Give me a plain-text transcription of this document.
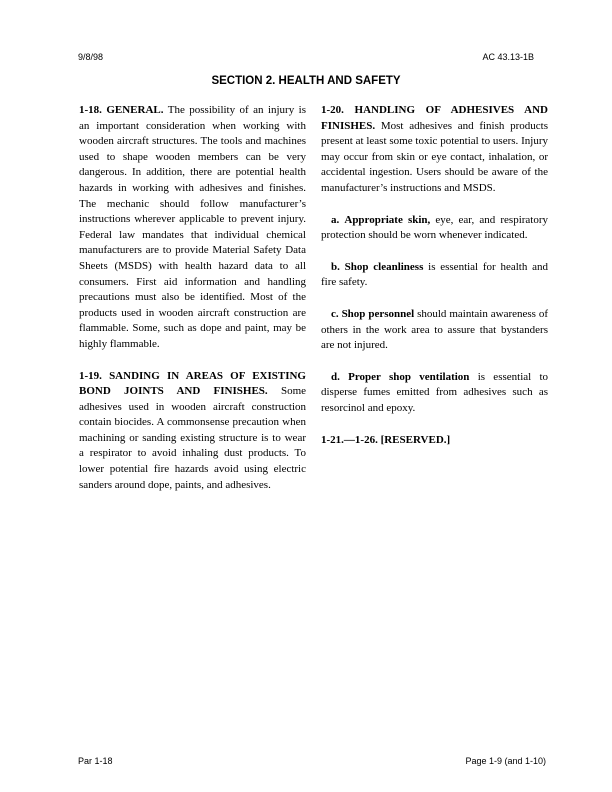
9/8/98	AC 43.13-1B
SECTION 2. HEALTH AND SAFETY

1-18. GENERAL. The possibility of an injury is an important consideration when working with wooden aircraft structures. The tools and machines used to shape wooden members can be very dangerous. In addition, there are potential health hazards in working with adhesives and finishes. The mechanic should follow manufacturer’s instructions wherever applicable to prevent injury. Federal law mandates that individual chemical manufacturers are to provide Material Safety Data Sheets (MSDS) with health hazard data to all consumers. First aid information and handling precautions must also be identified. Most of the products used in wooden aircraft construction are flammable. Some, such as dope and paint, may be highly flammable.

1-19. SANDING IN AREAS OF EXISTING BOND JOINTS AND FINISHES. Some adhesives used in wooden aircraft construction contain biocides. A commonsense precaution when machining or sanding existing structure is to wear a respirator to avoid inhaling dust products. To lower potential fire hazards avoid using electric sanders around dope, paints, and adhesives.

1-20. HANDLING OF ADHESIVES AND FINISHES. Most adhesives and finish products present at least some toxic potential to users. Injury may occur from skin or eye contact, inhalation, or accidental ingestion. Users should be aware of the manufacturer’s instructions and MSDS.

a. Appropriate skin, eye, ear, and respiratory protection should be worn whenever indicated.

b. Shop cleanliness is essential for health and fire safety.

c. Shop personnel should maintain awareness of others in the work area to assure that bystanders are not injured.

d. Proper shop ventilation is essential to disperse fumes emitted from adhesives such as resorcinol and epoxy.

1-21.—1-26. [RESERVED.]

Par 1-18	Page 1-9 (and 1-10)
